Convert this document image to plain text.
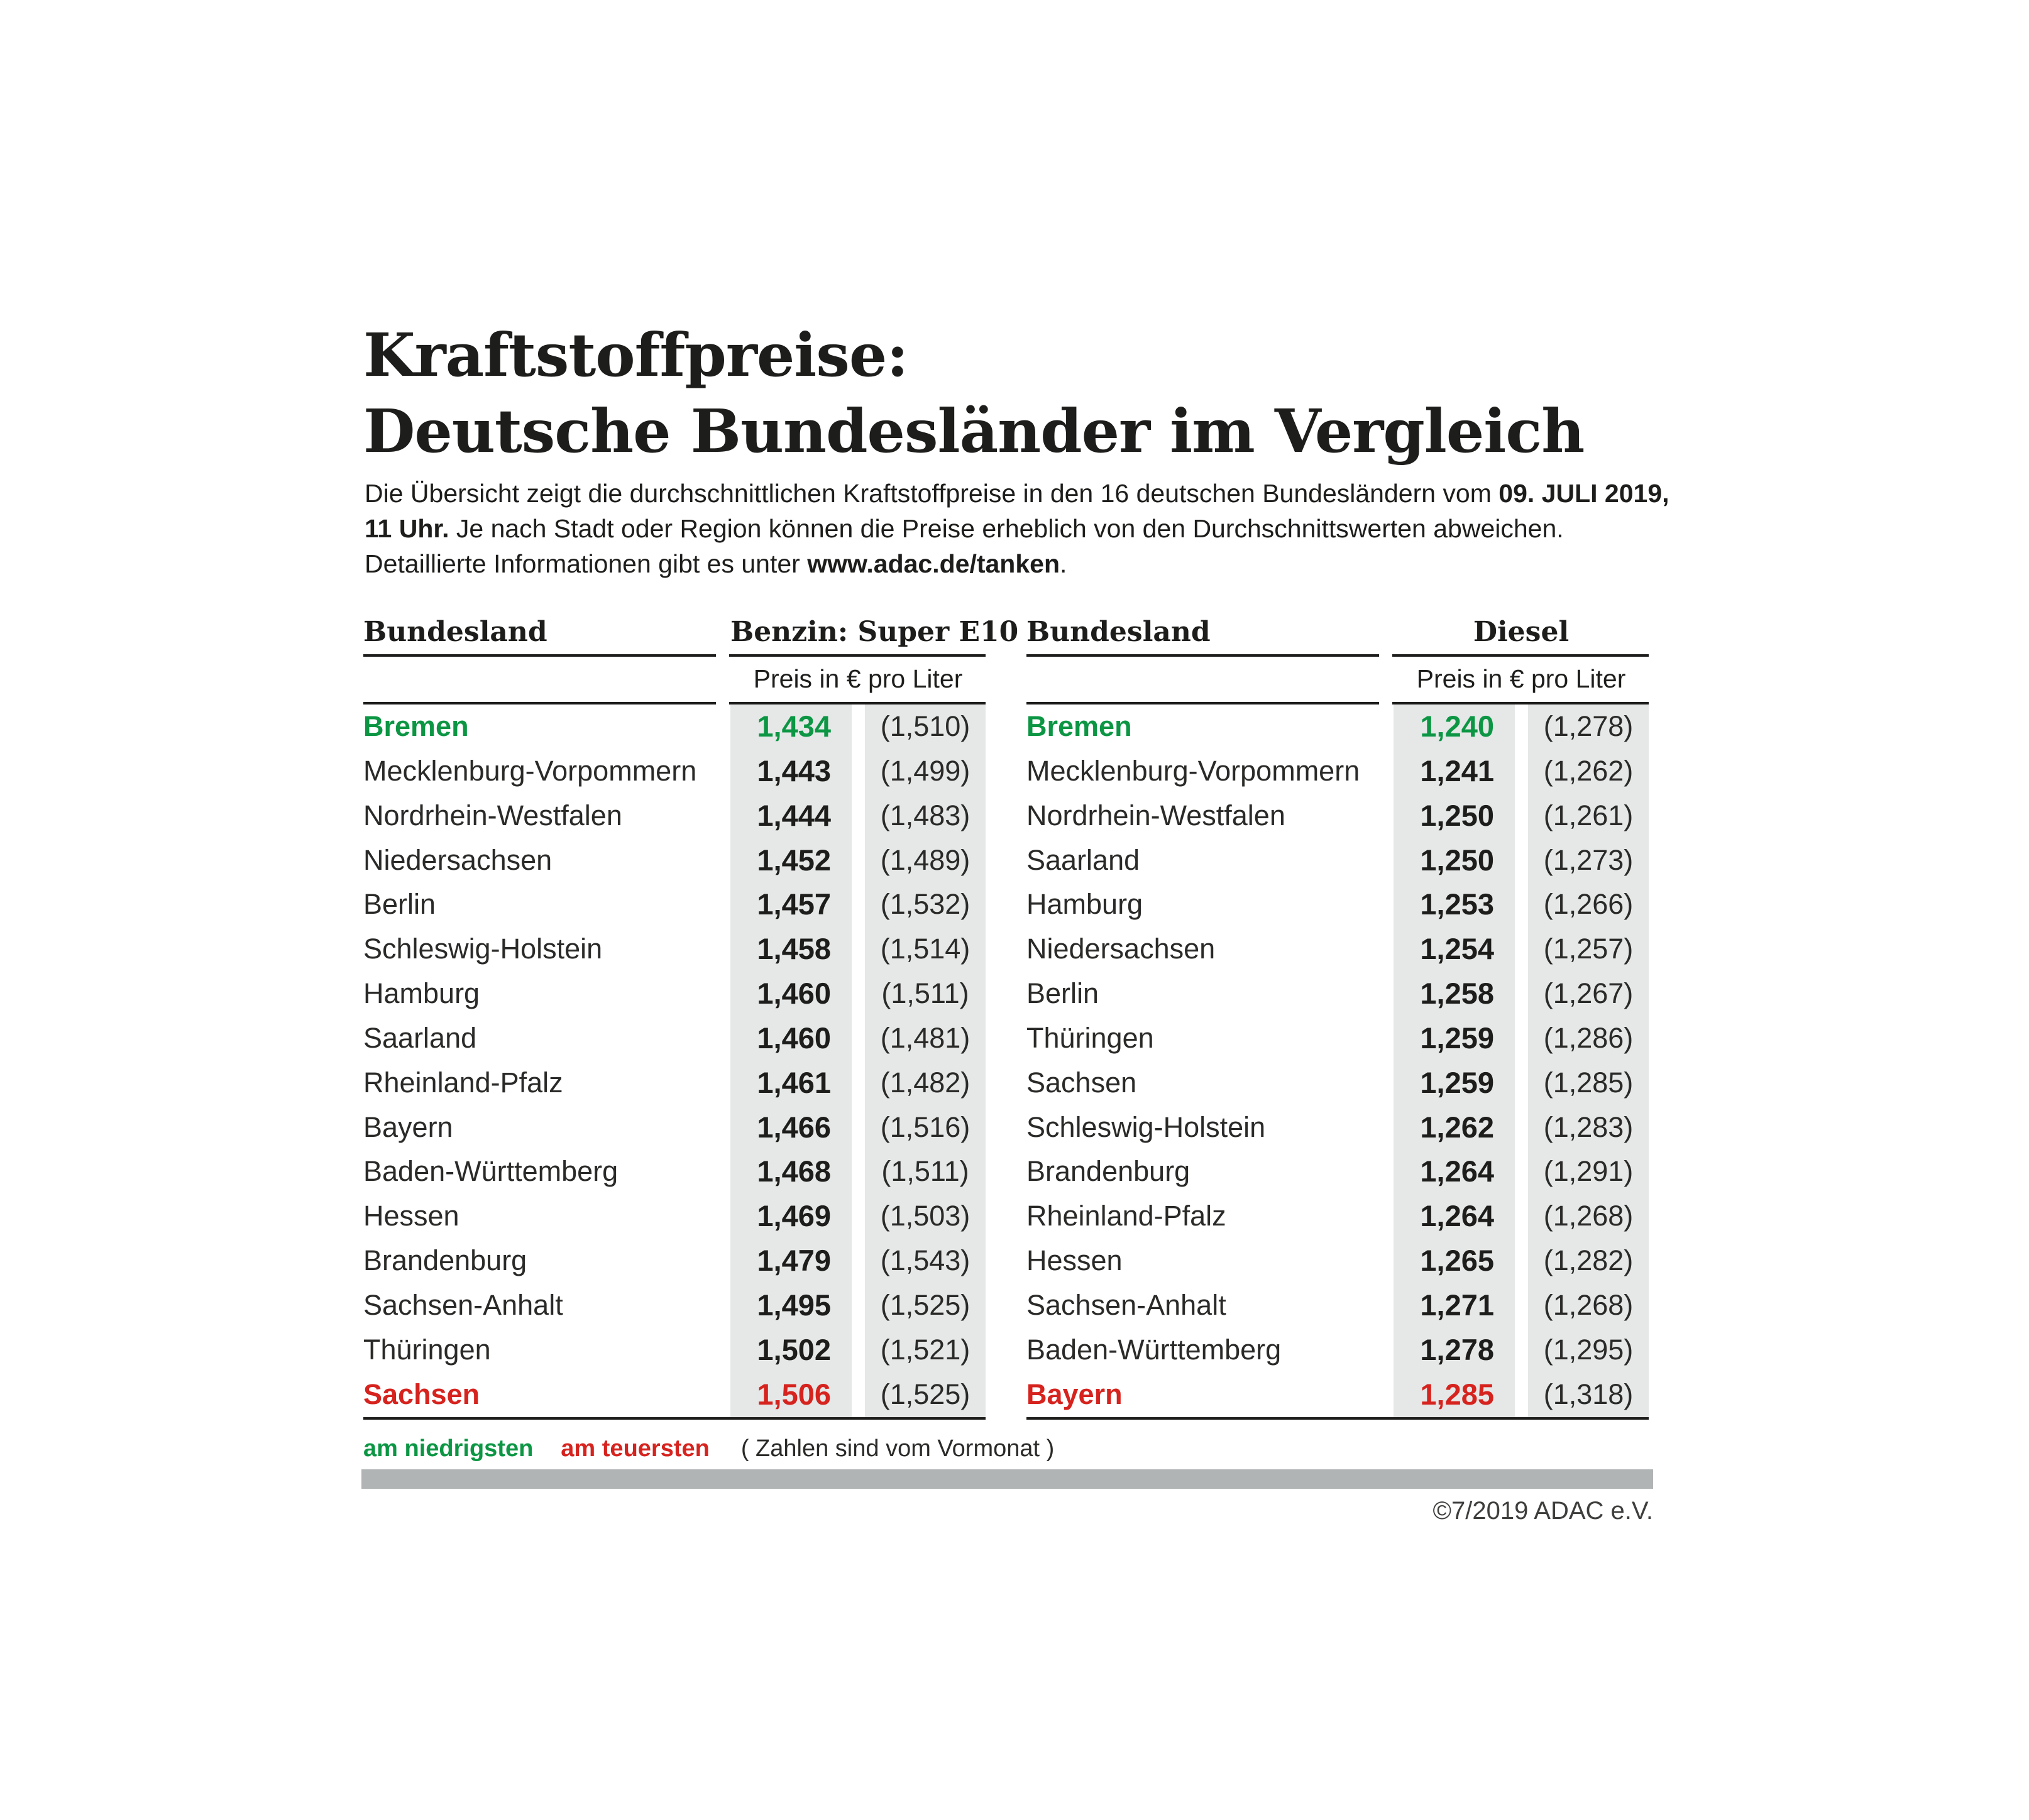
Kraftstoffpreise:
Deutsche Bundesländer im Vergleich
Die Übersicht zeigt die durchschnittlichen Kraftstoffpreise in den 16 deutschen Bundesländern vom 09. JULI 2019,
11 Uhr. Je nach Stadt oder Region können die Preise erheblich von den Durchschnittswerten abweichen.
Detaillierte Informationen gibt es unter www.adac.de/tanken.
Bundesland	Benzin: Super E10
Preis in € pro Liter
Bremen	1,434	(1,510)
Mecklenburg-Vorpommern	1,443	(1,499)
Nordrhein-Westfalen	1,444	(1,483)
Niedersachsen	1,452	(1,489)
Berlin	1,457	(1,532)
Schleswig-Holstein	1,458	(1,514)
Hamburg	1,460	(1,511)
Saarland	1,460	(1,481)
Rheinland-Pfalz	1,461	(1,482)
Bayern	1,466	(1,516)
Baden-Württemberg	1,468	(1,511)
Hessen	1,469	(1,503)
Brandenburg	1,479	(1,543)
Sachsen-Anhalt	1,495	(1,525)
Thüringen	1,502	(1,521)
Sachsen	1,506	(1,525)
Bundesland	Diesel
Preis in € pro Liter
Bremen	1,240	(1,278)
Mecklenburg-Vorpommern	1,241	(1,262)
Nordrhein-Westfalen	1,250	(1,261)
Saarland	1,250	(1,273)
Hamburg	1,253	(1,266)
Niedersachsen	1,254	(1,257)
Berlin	1,258	(1,267)
Thüringen	1,259	(1,286)
Sachsen	1,259	(1,285)
Schleswig-Holstein	1,262	(1,283)
Brandenburg	1,264	(1,291)
Rheinland-Pfalz	1,264	(1,268)
Hessen	1,265	(1,282)
Sachsen-Anhalt	1,271	(1,268)
Baden-Württemberg	1,278	(1,295)
Bayern	1,285	(1,318)
am niedrigsten am teuersten ( Zahlen sind vom Vormonat )
©7/2019 ADAC e.V.
